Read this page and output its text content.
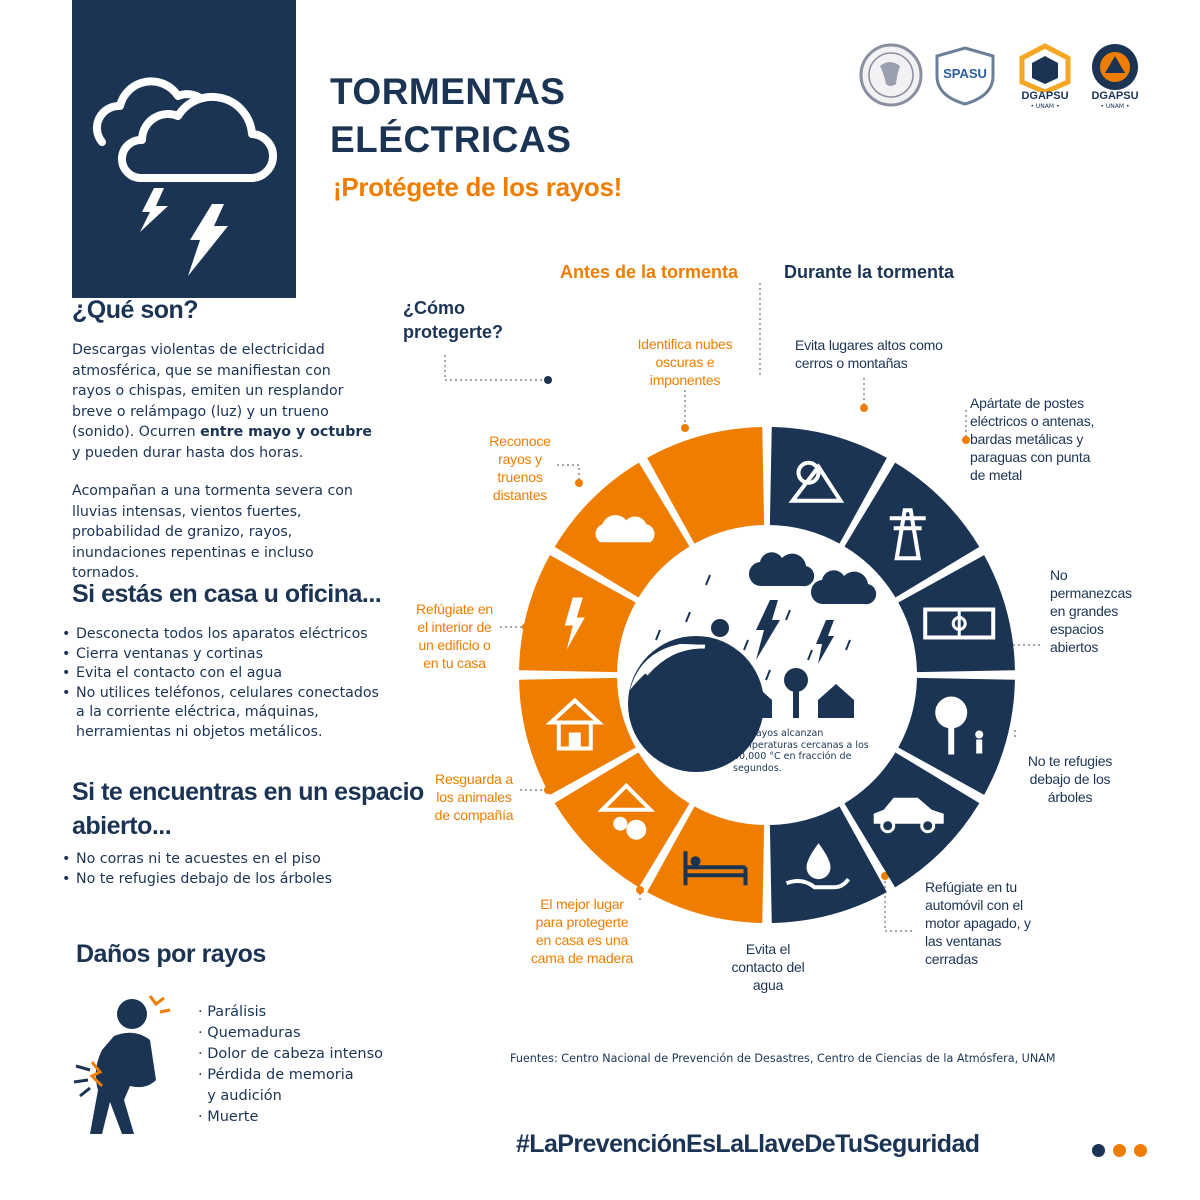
TORMENTAS
ELÉCTRICAS
¡Protégete de los rayos!
SPASU
DGAPSU
• UNAM •
DGAPSU
• UNAM •
¿Qué son?
Descargas violentas de electricidad atmosférica, que se manifiestan con rayos o chispas, emiten un resplandor breve o relámpago (luz) y un trueno (sonido). Ocurren entre mayo y octubre y pueden durar hasta dos horas.
Acompañan a una tormenta severa con lluvias intensas, vientos fuertes, probabilidad de granizo, rayos, inundaciones repentinas e incluso tornados.
Si estás en casa u oficina...
• Desconecta todos los aparatos eléctricos
• Cierra ventanas y cortinas
• Evita el contacto con el agua
• No utilices teléfonos, celulares conectados a la corriente eléctrica, máquinas, herramientas ni objetos metálicos.
Si te encuentras en un espacio
abierto...
• No corras ni te acuestes en el piso
• No te refugies debajo de los árboles
Daños por rayos
· Parálisis
· Quemaduras
· Dolor de cabeza intenso
· Pérdida de memoria
y audición
· Muerte
Antes de la tormenta	Durante la tormenta
¿Cómo protegerte?
Los rayos alcanzan temperaturas cercanas a los 30,000 °C en fracción de segundos.
Identifica nubes oscuras e imponentes
Reconoce rayos y truenos distantes
Refúgiate en el interior de un edificio o en tu casa
Resguarda a los animales de compañía
El mejor lugar para protegerte en casa es una cama de madera
Evita el contacto del agua
Refúgiate en tu automóvil con el motor apagado, y las ventanas cerradas
No te refugies debajo de los árboles
No permanezcas en grandes espacios abiertos
Apártate de postes eléctricos o antenas, bardas metálicas y paraguas con punta de metal
Evita lugares altos como cerros o montañas
Fuentes: Centro Nacional de Prevención de Desastres, Centro de Ciencias de la Atmósfera, UNAM
#LaPrevenciónEsLaLlaveDeTuSeguridad
